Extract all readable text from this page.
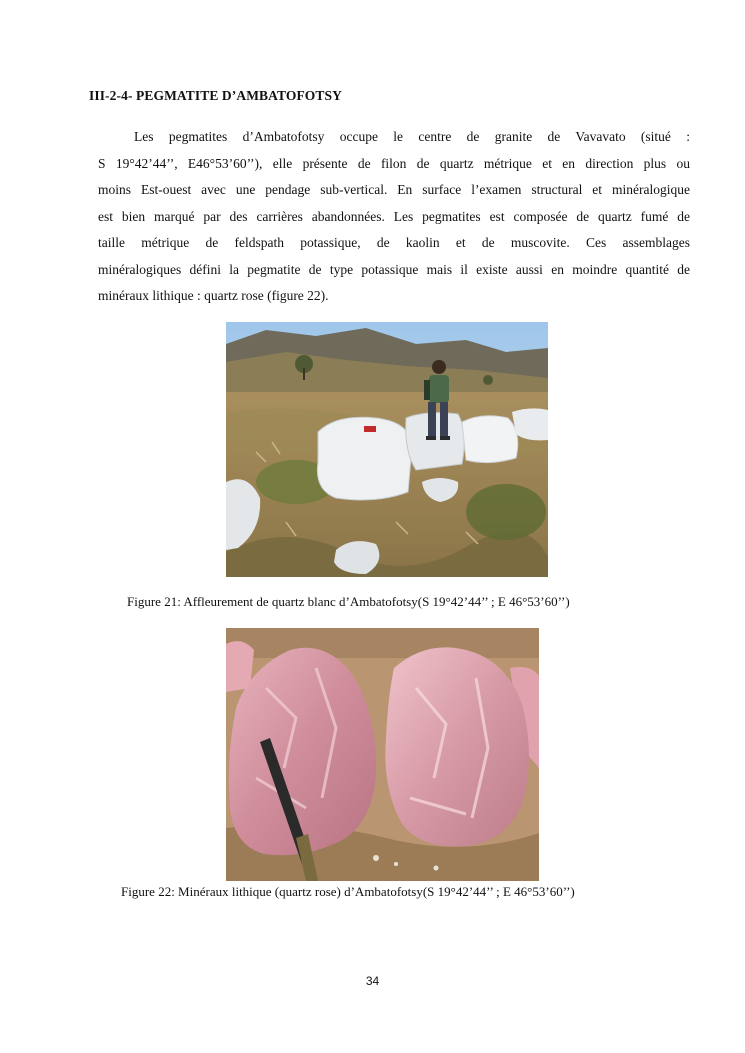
III-2-4- PEGMATITE D’AMBATOFOTSY

Les pegmatites d’Ambatofotsy occupe le centre de granite de Vavavato (situé :
S 19°42’44’’, E46°53’60’’), elle présente de filon de quartz métrique et en direction plus ou
moins Est-ouest avec une pendage sub-vertical. En surface l’examen structural et minéralogique
est bien marqué par des carrières abandonnées. Les pegmatites est composée de quartz fumé de
taille métrique de feldspath potassique, de kaolin et de muscovite. Ces assemblages
minéralogiques défini la pegmatite de type potassique mais il existe aussi en moindre quantité de
minéraux lithique : quartz rose (figure 22).

Figure 21: Affleurement de quartz blanc d’Ambatofotsy(S 19°42’44’’ ; E 46°53’60’’)
Figure 22: Minéraux lithique (quartz rose) d’Ambatofotsy(S 19°42’44’’ ; E 46°53’60’’)
34
